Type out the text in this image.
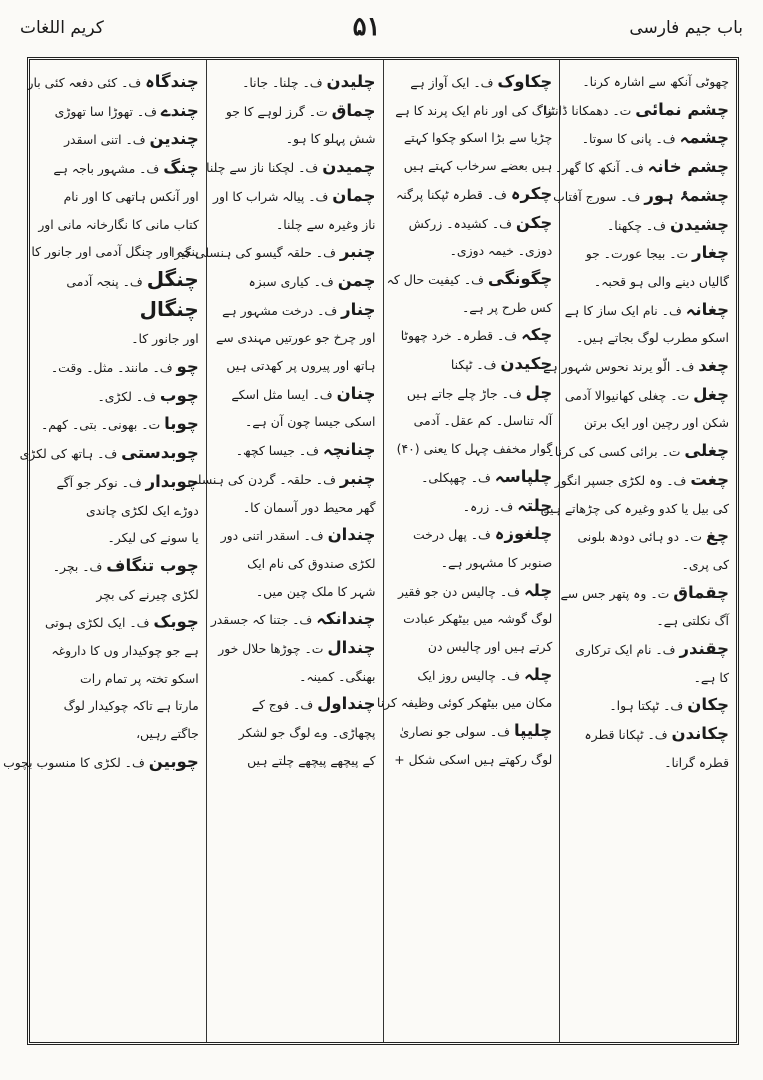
کریم اللغات	۵۱	باب جیم فارسی
چھوٹی آنکھ سے اشارہ کرنا۔
چشم نمائی ت۔ دھمکانا ڈانٹنا
چشمہ ف۔ پانی کا سوتا۔
چشم خانہ ف۔ آنکھ کا گھر۔
چشمۂ ہور ف۔ سورج آفتاب
چشیدن ف۔ چکھنا۔
چغار ت۔ بیجا عورت۔ جو
گالیاں دینے والی ہو قحبہ۔
چغانہ ف۔ نام ایک ساز کا ہے
اسکو مطرب لوگ بجاتے ہیں۔
چغد ف۔ الّو یرند نحوس شہور ہے
چغل ت۔ چغلی کھانیوالا آدمی
شکن اور رچین اور ایک برتن
چغلی ت۔ برائی کسی کی کرنا۔
چغت ف۔ وہ لکڑی جسپر انگور
کی بیل یا کدو وغیرہ کی چڑھاتے ہیں
چغ ت۔ دو ہائی دودھ بلونی
کی پری۔
چقماق ت۔ وہ پتھر جس سے
آگ نکلتی ہے۔
چقندر ف۔ نام ایک ترکاری
کا ہے۔
چکان ف۔ ٹپکتا ہوا۔
چکاندن ف۔ ٹپکانا قطرہ
قطرہ گرانا۔
چکاوک ف۔ ایک آواز ہے
راگ کی اور نام ایک پرند کا ہے
چڑیا سے بڑا اسکو چکوا کہتے
ہیں بعضے سرخاب کہتے ہیں
چکرہ ف۔ قطرہ ٹپکنا پرگنہ
چکن ف۔ کشیدہ۔ زرکش
دوزی۔ خیمہ دوزی۔
چگونگی ف۔ کیفیت حال کہ
کس طرح پر ہے۔
چکہ ف۔ قطرہ۔ خرد چھوٹا
چکیدن ف۔ ٹپکنا
چل ف۔ جاڑ چلے جاتے ہیں
آلہ تناسل۔ کم عقل۔ آدمی
گوار مخفف چہل کا یعنی (۴۰)
چلپاسہ ف۔ چھپکلی۔
چلتہ ف۔ زرہ۔
چلغوزہ ف۔ پھل درخت
صنوبر کا مشہور ہے۔
چلہ ف۔ چالیس دن جو فقیر
لوگ گوشہ میں بیٹھکر عبادت
کرتے ہیں اور چالیس دن
چلہ ف۔ چالیس روز ایک
مکان میں بیٹھکر کوئی وظیفہ کرنا
چلیپا ف۔ سولی جو نصاریٰ
لوگ رکھتے ہیں اسکی شکل +
چلیدن ف۔ چلنا۔ جانا۔
چماق ت۔ گرز لوہے کا جو
شش پہلو کا ہو۔
چمیدن ف۔ لچکنا ناز سے چلنا
چمان ف۔ پیالہ شراب کا اور
ناز وغیرہ سے چلنا۔
چنبر ف۔ حلقہ گیسو کی ہنسلی گیرا
چمن ف۔ کیاری سبزہ
چنار ف۔ درخت مشہور ہے
اور چرخ جو عورتیں مہندی سے
ہاتھ اور پیروں پر کھدتی ہیں
چنان ف۔ ایسا مثل اسکے
اسکی جیسا چون آن ہے۔
چنانچہ ف۔ جیسا کچھ۔
چنبر ف۔ حلقہ۔ گردن کی ہنسلی
گھر محیط دور آسمان کا۔
چندان ف۔ اسقدر اتنی دور
لکڑی صندوق کی نام ایک
شہر کا ملک چین میں۔
چندانکہ ف۔ جتنا کہ جسقدر
چندال ت۔ چوڑھا حلال خور
بھنگی۔ کمینہ۔
چنداول ف۔ فوج کے
پچھاڑی۔ وے لوگ جو لشکر
کے پیچھے پیچھے چلتے ہیں
چندگاہ ف۔ کئی دفعہ کئی بار
چندے ف۔ تھوڑا سا تھوڑی
چندین ف۔ اتنی اسقدر
چنگ ف۔ مشہور باجہ ہے
اور آنکس ہاتھی کا اور نام
کتاب مانی کا نگارخانہ مانی اور
پنجہ اور چنگل آدمی اور جانور کا
چنگل ف۔ پنجہ آدمی
چنگال
اور جانور کا۔
چو ف۔ مانند۔ مثل۔ وقت۔
چوب ف۔ لکڑی۔
چوبا ت۔ بھونی۔ بتی۔ کھم۔
چوبدستی ف۔ ہاتھ کی لکڑی
چوبدار ف۔ نوکر جو آگے
دوڑے ایک لکڑی چاندی
یا سونے کی لیکر۔
چوب تنگاف ف۔ بچر۔
لکڑی چیرنے کی بچر
چوبک ف۔ ایک لکڑی ہوتی
ہے جو چوکیدار وں کا داروغہ
اسکو تختہ پر تمام رات
مارتا ہے تاکہ چوکیدار لوگ
جاگتے رہیں،
چوبین ف۔ لکڑی کا منسوب بچوب
